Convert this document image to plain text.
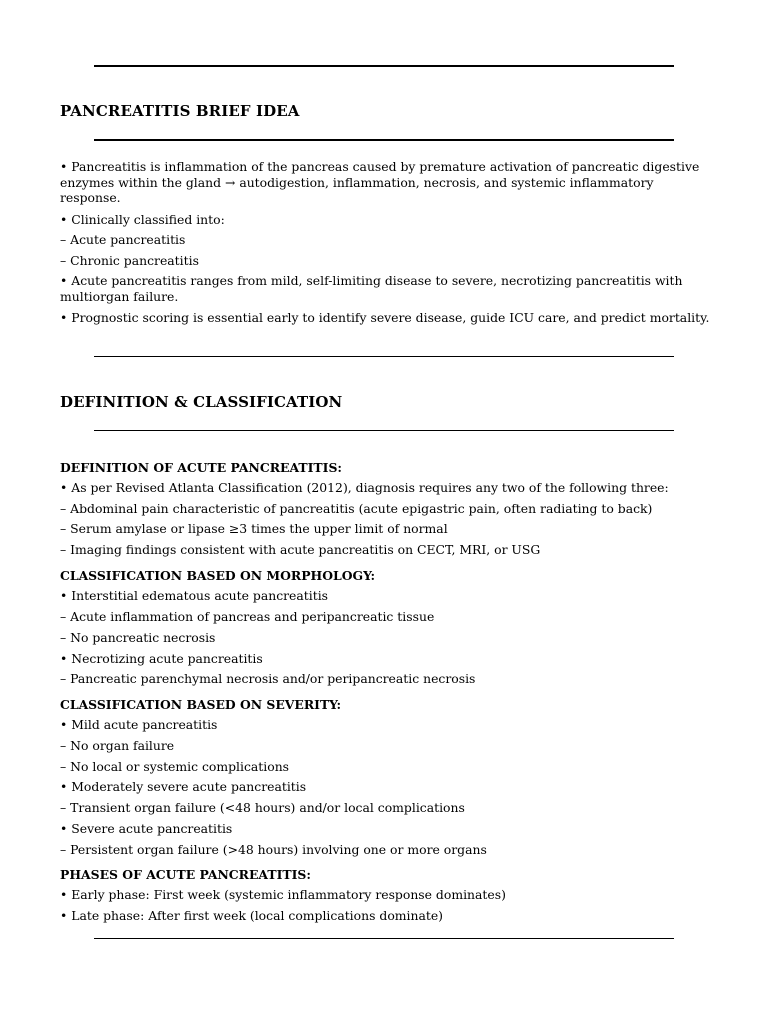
PANCREATITIS BRIEF IDEA
• Pancreatitis is inflammation of the pancreas caused by premature activation of pancreatic digestive enzymes within the gland → autodigestion, inflammation, necrosis, and systemic inflammatory response.
• Clinically classified into:
– Acute pancreatitis
– Chronic pancreatitis
• Acute pancreatitis ranges from mild, self-limiting disease to severe, necrotizing pancreatitis with multiorgan failure.
• Prognostic scoring is essential early to identify severe disease, guide ICU care, and predict mortality.
DEFINITION & CLASSIFICATION
DEFINITION OF ACUTE PANCREATITIS:
• As per Revised Atlanta Classification (2012), diagnosis requires any two of the following three:
– Abdominal pain characteristic of pancreatitis (acute epigastric pain, often radiating to back)
– Serum amylase or lipase ≥3 times the upper limit of normal
– Imaging findings consistent with acute pancreatitis on CECT, MRI, or USG
CLASSIFICATION BASED ON MORPHOLOGY:
• Interstitial edematous acute pancreatitis
– Acute inflammation of pancreas and peripancreatic tissue
– No pancreatic necrosis
• Necrotizing acute pancreatitis
– Pancreatic parenchymal necrosis and/or peripancreatic necrosis
CLASSIFICATION BASED ON SEVERITY:
• Mild acute pancreatitis
– No organ failure
– No local or systemic complications
• Moderately severe acute pancreatitis
– Transient organ failure (<48 hours) and/or local complications
• Severe acute pancreatitis
– Persistent organ failure (>48 hours) involving one or more organs
PHASES OF ACUTE PANCREATITIS:
• Early phase: First week (systemic inflammatory response dominates)
• Late phase: After first week (local complications dominate)
